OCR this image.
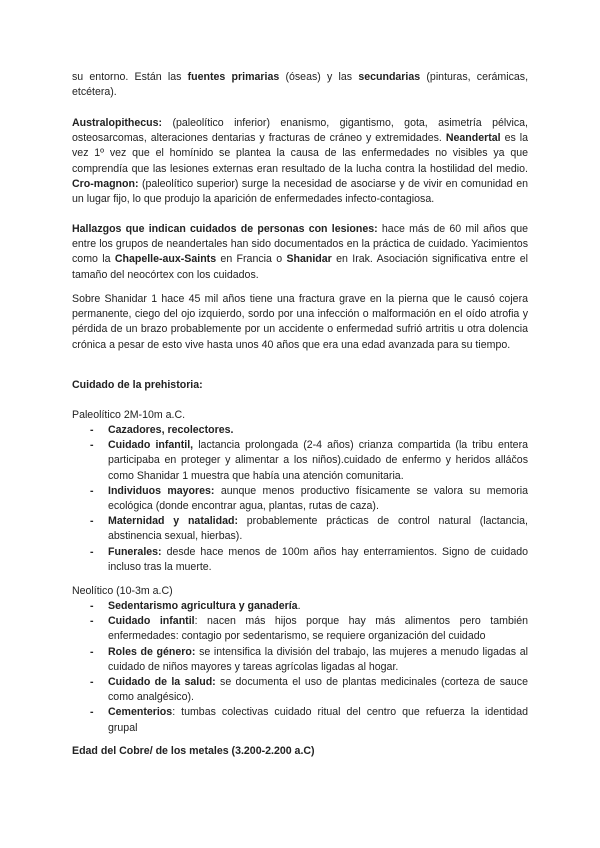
su entorno. Están las fuentes primarias (óseas) y las secundarias (pinturas, cerámicas, etcétera).

Australopithecus: (paleolítico inferior) enanismo, gigantismo, gota, asimetría pélvica, osteosarcomas, alteraciones dentarias y fracturas de cráneo y extremidades. Neandertal es la vez 1º vez que el homínido se plantea la causa de las enfermedades no visibles ya que comprendía que las lesiones externas eran resultado de la lucha contra la hostilidad del medio. Cro-magnon: (paleolítico superior) surge la necesidad de asociarse y de vivir en comunidad en un lugar fijo, lo que produjo la aparición de enfermedades infecto-contagiosa.

Hallazgos que indican cuidados de personas con lesiones: hace más de 60 mil años que entre los grupos de neandertales han sido documentados en la práctica de cuidado. Yacimientos como la Chapelle-aux-Saints en Francia o Shanidar en Irak. Asociación significativa entre el tamaño del neocórtex con los cuidados.

Sobre Shanidar 1 hace 45 mil años tiene una fractura grave en la pierna que le causó cojera permanente, ciego del ojo izquierdo, sordo por una infección o malformación en el oído atrofia y pérdida de un brazo probablemente por un accidente o enfermedad sufrió artritis u otra dolencia crónica a pesar de esto vive hasta unos 40 años que era una edad avanzada para su tiempo.

Cuidado de la prehistoria:

Paleolítico 2M-10m a.C.

- Cazadores, recolectores.
- Cuidado infantil, lactancia prolongada (2-4 años) crianza compartida (la tribu entera participaba en proteger y alimentar a los niños).cuidado de enfermo y heridos alláčos como Shanidar 1 muestra que había una atención comunitaria.
- Individuos mayores: aunque menos productivo físicamente se valora su memoria ecológica (donde encontrar agua, plantas, rutas de caza).
- Maternidad y natalidad: probablemente prácticas de control natural (lactancia, abstinencia sexual, hierbas).
- Funerales: desde hace menos de 100m años hay enterramientos. Signo de cuidado incluso tras la muerte.

Neolítico (10-3m a.C)

- Sedentarismo agricultura y ganadería.
- Cuidado infantil: nacen más hijos porque hay más alimentos pero también enfermedades: contagio por sedentarismo, se requiere organización del cuidado
- Roles de género: se intensifica la división del trabajo, las mujeres a menudo ligadas al cuidado de niños mayores y tareas agrícolas ligadas al hogar.
- Cuidado de la salud: se documenta el uso de plantas medicinales (corteza de sauce como analgésico).
- Cementerios: tumbas colectivas cuidado ritual del centro que refuerza la identidad grupal

Edad del Cobre/ de los metales (3.200-2.200 a.C)
